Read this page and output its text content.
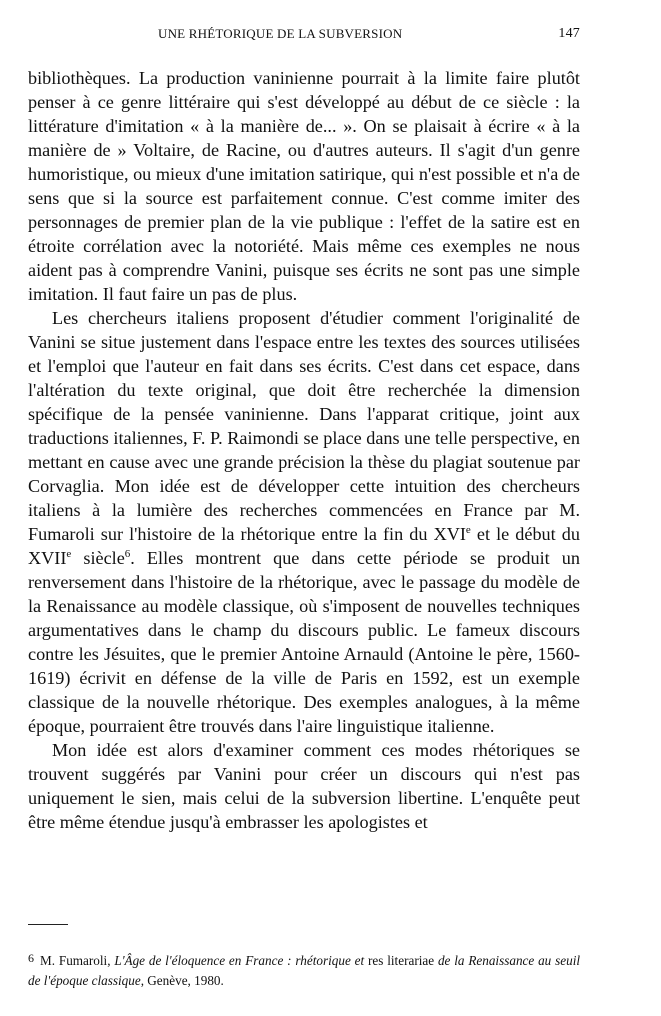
UNE RHÉTORIQUE DE LA SUBVERSION	147

bibliothèques. La production vaninienne pourrait à la limite faire plutôt penser à ce genre littéraire qui s'est développé au début de ce siècle : la littérature d'imitation « à la manière de... ». On se plaisait à écrire « à la manière de » Voltaire, de Racine, ou d'autres auteurs. Il s'agit d'un genre humoristique, ou mieux d'une imitation satirique, qui n'est possible et n'a de sens que si la source est parfaitement connue. C'est comme imiter des personnages de premier plan de la vie publique : l'effet de la satire est en étroite corrélation avec la notoriété. Mais même ces exemples ne nous aident pas à comprendre Vanini, puisque ses écrits ne sont pas une simple imitation. Il faut faire un pas de plus.

Les chercheurs italiens proposent d'étudier comment l'originalité de Vanini se situe justement dans l'espace entre les textes des sources utilisées et l'emploi que l'auteur en fait dans ses écrits. C'est dans cet espace, dans l'altération du texte original, que doit être recherchée la dimension spécifique de la pensée vaninienne. Dans l'apparat critique, joint aux traductions italiennes, F. P. Raimondi se place dans une telle perspective, en mettant en cause avec une grande précision la thèse du plagiat soutenue par Corvaglia. Mon idée est de développer cette intuition des chercheurs italiens à la lumière des recherches commencées en France par M. Fumaroli sur l'histoire de la rhétorique entre la fin du XVIe et le début du XVIIe siècle$^6$. Elles montrent que dans cette période se produit un renversement dans l'histoire de la rhétorique, avec le passage du modèle de la Renaissance au modèle classique, où s'imposent de nouvelles techniques argumentatives dans le champ du discours public. Le fameux discours contre les Jésuites, que le premier Antoine Arnauld (Antoine le père, 1560-1619) écrivit en défense de la ville de Paris en 1592, est un exemple classique de la nouvelle rhétorique. Des exemples analogues, à la même époque, pourraient être trouvés dans l'aire linguistique italienne.

Mon idée est alors d'examiner comment ces modes rhétoriques se trouvent suggérés par Vanini pour créer un discours qui n'est pas uniquement le sien, mais celui de la subversion libertine. L'enquête peut être même étendue jusqu'à embrasser les apologistes et

6 M. Fumaroli, L'Âge de l'éloquence en France : rhétorique et res literariae de la Renaissance au seuil de l'époque classique, Genève, 1980.
